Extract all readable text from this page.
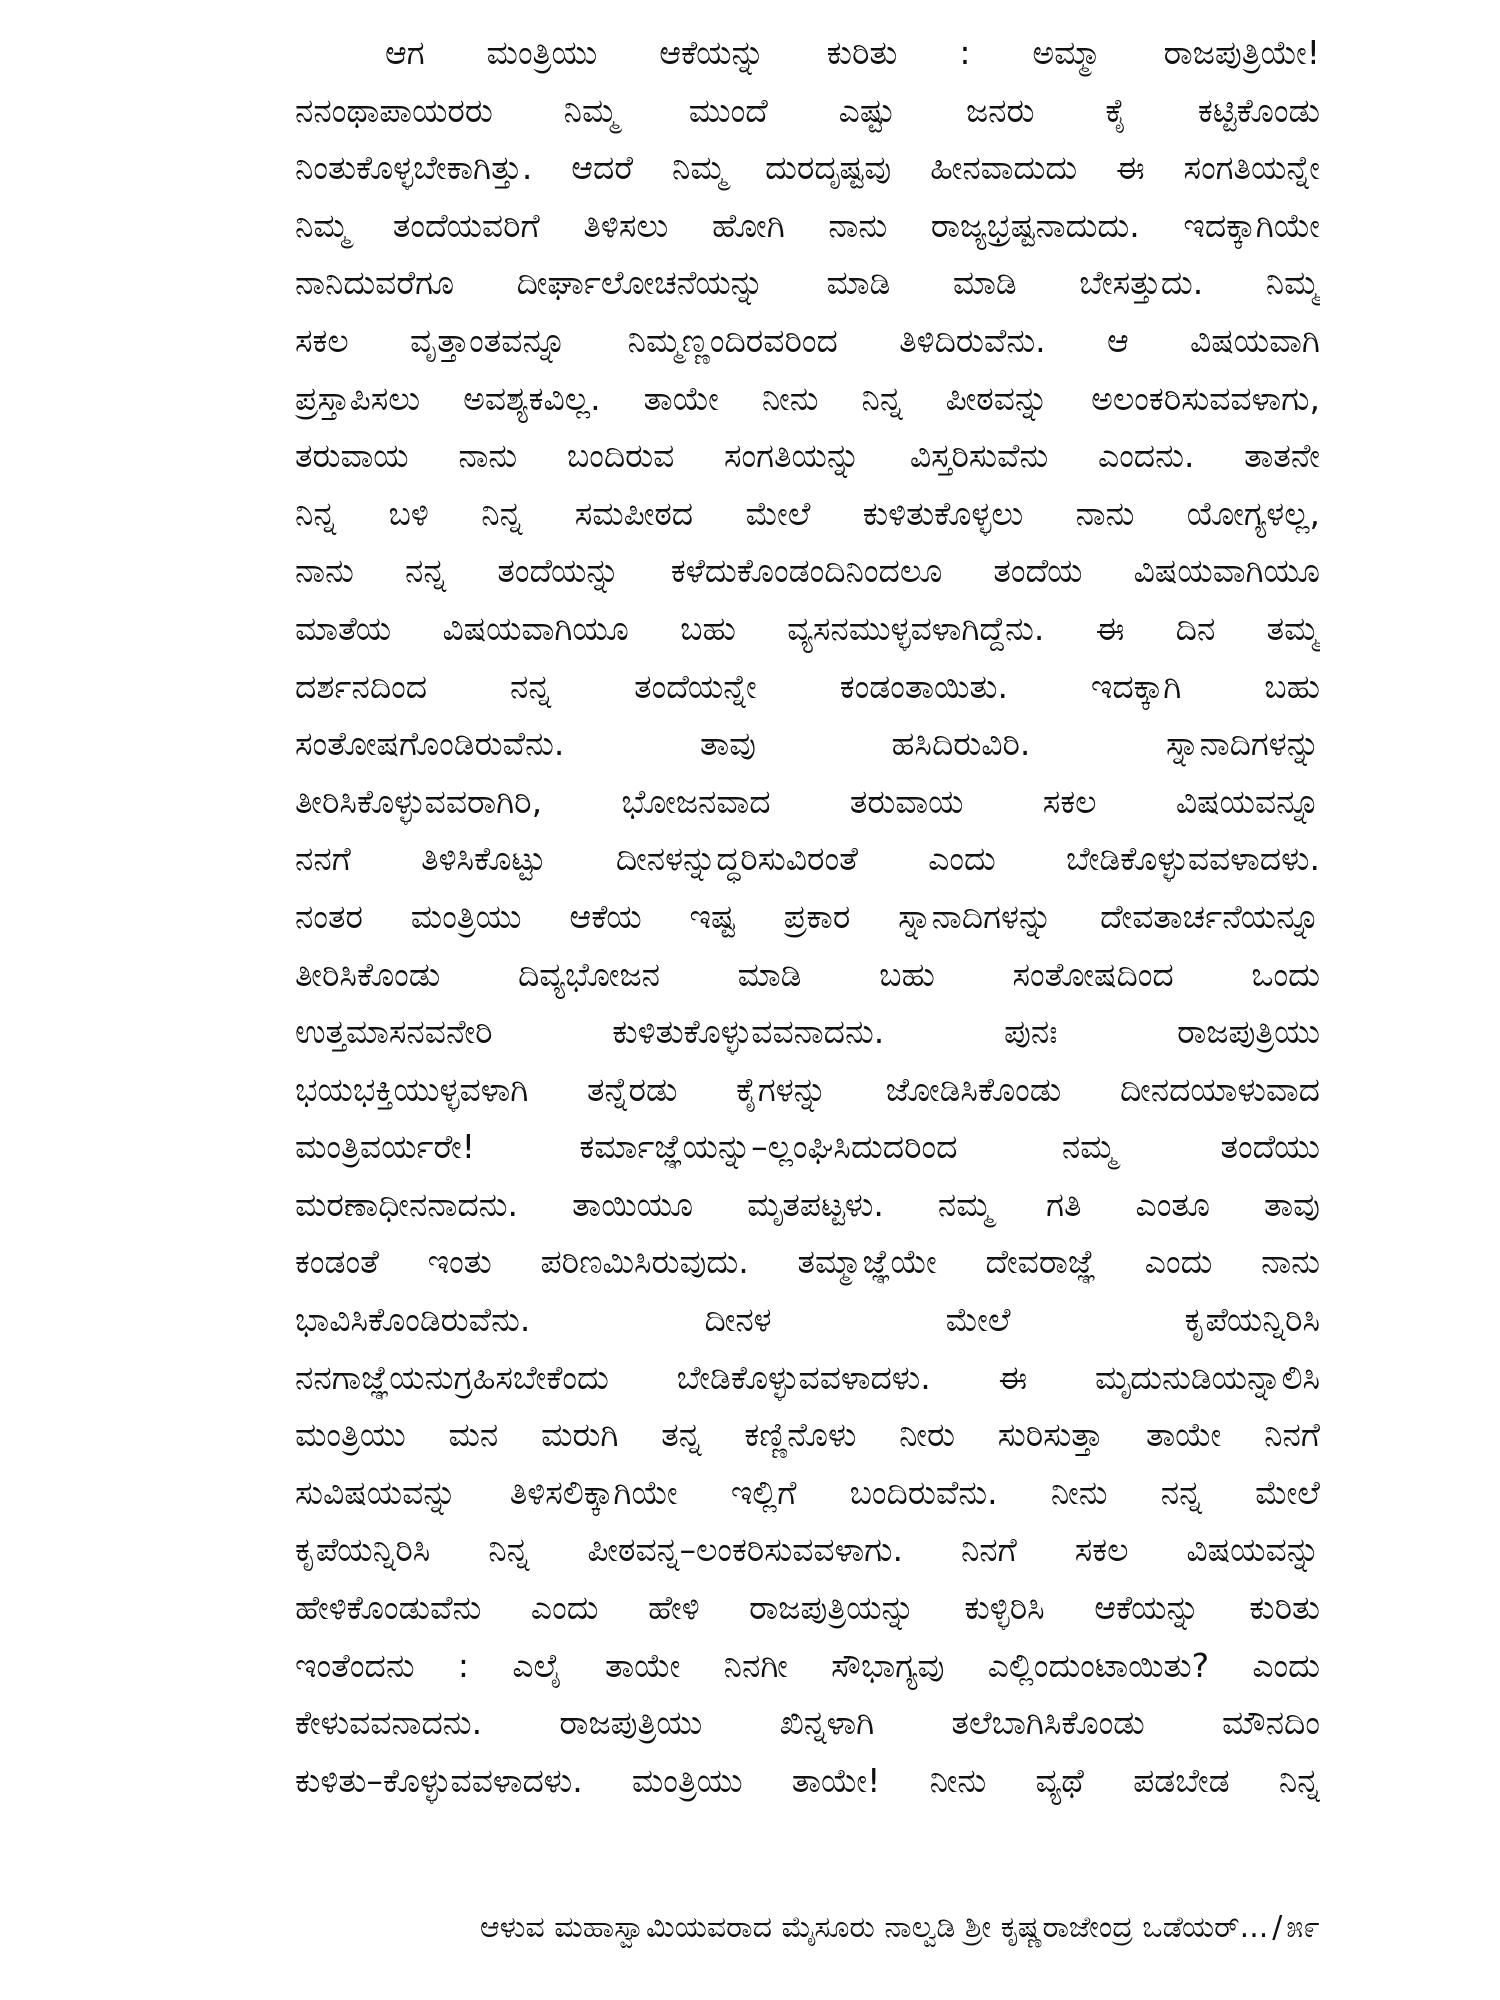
ಆಗ ಮಂತ್ರಿಯು ಆಕೆಯನ್ನು ಕುರಿತು : ಅಮ್ಮಾ ರಾಜಪುತ್ರಿಯೇ!
ನನಂಥಾಪಾಯರರು ನಿಮ್ಮ ಮುಂದೆ ಎಷ್ಟು ಜನರು ಕೈ ಕಟ್ಟಿಕೊಂಡು
ನಿಂತುಕೊಳ್ಳಬೇಕಾಗಿತ್ತು. ಆದರೆ ನಿಮ್ಮ ದುರದೃಷ್ಟವು ಹೀನವಾದುದು ಈ ಸಂಗತಿಯನ್ನೇ
ನಿಮ್ಮ ತಂದೆಯವರಿಗೆ ತಿಳಿಸಲು ಹೋಗಿ ನಾನು ರಾಜ್ಯಭ್ರಷ್ಟನಾದುದು. ಇದಕ್ಕಾಗಿಯೇ
ನಾನಿದುವರೆಗೂ ದೀರ್ಘಾಲೋಚನೆಯನ್ನು ಮಾಡಿ ಮಾಡಿ ಬೇಸತ್ತುದು. ನಿಮ್ಮ
ಸಕಲ ವೃತ್ತಾಂತವನ್ನೂ ನಿಮ್ಮಣ್ಣಂದಿರವರಿಂದ ತಿಳಿದಿರುವೆನು. ಆ ವಿಷಯವಾಗಿ
ಪ್ರಸ್ತಾಪಿಸಲು ಅವಶ್ಯಕವಿಲ್ಲ. ತಾಯೇ ನೀನು ನಿನ್ನ ಪೀಠವನ್ನು ಅಲಂಕರಿಸುವವಳಾಗು,
ತರುವಾಯ ನಾನು ಬಂದಿರುವ ಸಂಗತಿಯನ್ನು ವಿಸ್ತರಿಸುವೆನು ಎಂದನು. ತಾತನೇ
ನಿನ್ನ ಬಳಿ ನಿನ್ನ ಸಮಪೀಠದ ಮೇಲೆ ಕುಳಿತುಕೊಳ್ಳಲು ನಾನು ಯೋಗ್ಯಳಲ್ಲ,
ನಾನು ನನ್ನ ತಂದೆಯನ್ನು ಕಳೆದುಕೊಂಡಂದಿನಿಂದಲೂ ತಂದೆಯ ವಿಷಯವಾಗಿಯೂ
ಮಾತೆಯ ವಿಷಯವಾಗಿಯೂ ಬಹು ವ್ಯಸನಮುಳ್ಳವಳಾಗಿದ್ದೆನು. ಈ ದಿನ ತಮ್ಮ
ದರ್ಶನದಿಂದ ನನ್ನ ತಂದೆಯನ್ನೇ ಕಂಡಂತಾಯಿತು. ಇದಕ್ಕಾಗಿ ಬಹು
ಸಂತೋಷಗೊಂಡಿರುವೆನು. ತಾವು ಹಸಿದಿರುವಿರಿ. ಸ್ನಾನಾದಿಗಳನ್ನು
ತೀರಿಸಿಕೊಳ್ಳುವವರಾಗಿರಿ, ಭೋಜನವಾದ ತರುವಾಯ ಸಕಲ ವಿಷಯವನ್ನೂ
ನನಗೆ ತಿಳಿಸಿಕೊಟ್ಟು ದೀನಳನ್ನುದ್ಧರಿಸುವಿರಂತೆ ಎಂದು ಬೇಡಿಕೊಳ್ಳುವವಳಾದಳು.
ನಂತರ ಮಂತ್ರಿಯು ಆಕೆಯ ಇಷ್ಟ ಪ್ರಕಾರ ಸ್ನಾನಾದಿಗಳನ್ನು ದೇವತಾರ್ಚನೆಯನ್ನೂ
ತೀರಿಸಿಕೊಂಡು ದಿವ್ಯಭೋಜನ ಮಾಡಿ ಬಹು ಸಂತೋಷದಿಂದ ಒಂದು
ಉತ್ತಮಾಸನವನೇರಿ ಕುಳಿತುಕೊಳ್ಳುವವನಾದನು. ಪುನಃ ರಾಜಪುತ್ರಿಯು
ಭಯಭಕ್ತಿಯುಳ್ಳವಳಾಗಿ ತನ್ನೆರಡು ಕೈಗಳನ್ನು ಜೋಡಿಸಿಕೊಂಡು ದೀನದಯಾಳುವಾದ
ಮಂತ್ರಿವರ್ಯರೇ! ಕರ್ಮಾಜ್ಞೆಯನ್ನು–ಲ್ಲಂಘಿಸಿದುದರಿಂದ ನಮ್ಮ ತಂದೆಯು
ಮರಣಾಧೀನನಾದನು. ತಾಯಿಯೂ ಮೃತಪಟ್ಟಳು. ನಮ್ಮ ಗತಿ ಎಂತೂ ತಾವು
ಕಂಡಂತೆ ಇಂತು ಪರಿಣಮಿಸಿರುವುದು. ತಮ್ಮಾಜ್ಞೆಯೇ ದೇವರಾಜ್ಞೆ ಎಂದು ನಾನು
ಭಾವಿಸಿಕೊಂಡಿರುವೆನು. ದೀನಳ ಮೇಲೆ ಕೃಪೆಯನ್ನಿರಿಸಿ
ನನಗಾಜ್ಞೆಯನುಗ್ರಹಿಸಬೇಕೆಂದು ಬೇಡಿಕೊಳ್ಳುವವಳಾದಳು. ಈ ಮೃದುನುಡಿಯನ್ನಾಲಿಸಿ
ಮಂತ್ರಿಯು ಮನ ಮರುಗಿ ತನ್ನ ಕಣ್ಣಿನೊಳು ನೀರು ಸುರಿಸುತ್ತಾ ತಾಯೇ ನಿನಗೆ
ಸುವಿಷಯವನ್ನು ತಿಳಿಸಲಿಕ್ಕಾಗಿಯೇ ಇಲ್ಲಿಗೆ ಬಂದಿರುವೆನು. ನೀನು ನನ್ನ ಮೇಲೆ
ಕೃಪೆಯನ್ನಿರಿಸಿ ನಿನ್ನ ಪೀಠವನ್ನ–ಲಂಕರಿಸುವವಳಾಗು. ನಿನಗೆ ಸಕಲ ವಿಷಯವನ್ನು
ಹೇಳಿಕೊಂಡುವೆನು ಎಂದು ಹೇಳಿ ರಾಜಪುತ್ರಿಯನ್ನು ಕುಳ್ಳಿರಿಸಿ ಆಕೆಯನ್ನು ಕುರಿತು
ಇಂತೆಂದನು : ಎಲೈ ತಾಯೇ ನಿನಗೀ ಸೌಭಾಗ್ಯವು ಎಲ್ಲಿಂದುಂಟಾಯಿತು? ಎಂದು
ಕೇಳುವವನಾದನು. ರಾಜಪುತ್ರಿಯು ಖಿನ್ನಳಾಗಿ ತಲೆಬಾಗಿಸಿಕೊಂಡು ಮೌನದಿಂ
ಕುಳಿತು–ಕೊಳ್ಳುವವಳಾದಳು. ಮಂತ್ರಿಯು ತಾಯೇ! ನೀನು ವ್ಯಥೆ ಪಡಬೇಡ ನಿನ್ನ
ಆಳುವ ಮಹಾಸ್ವಾಮಿಯವರಾದ ಮೈಸೂರು ನಾಲ್ವಡಿ ಶ್ರೀ ಕೃಷ್ಣರಾಜೇಂದ್ರ ಒಡೆಯರ್... / ೫೯
